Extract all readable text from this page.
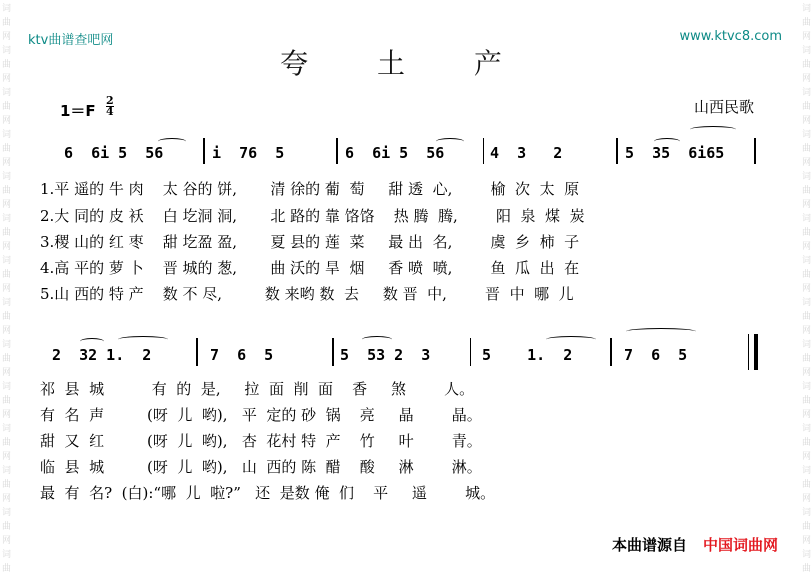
词
曲
网
词
曲
网
词
曲
网
词
曲
网
词
曲
网
词
曲
网
词
曲
网
词
曲
网
词
曲
网
词
曲
网
词
曲
网
词
曲
网
词
曲
网
词
曲
词
曲
网
词
曲
网
词
曲
网
词
曲
网
词
曲
网
词
曲
网
词
曲
网
词
曲
网
词
曲
网
词
曲
网
词
曲
网
词
曲
网
词
曲
网
词
曲
ktv曲谱查吧网	www.ktvc8.com
夸 土 产
1＝F
2
4	山西民歌
6  6i 5  56	i  76  5	6  6i 5  56	4  3   2	5  35  6i65
1.平 遥的 牛 肉    太 谷的 饼,       清 徐的 葡  萄     甜 透  心,        榆  次  太  原
2.大 同的 皮 袄    白 圪洞 洞,       北 路的 靠 饹饹    热 腾  腾,        阳  泉  煤  炭
3.稷 山的 红 枣    甜 圪盈 盈,       夏 县的 莲  菜     最 出  名,        虞  乡  柿  子
4.高 平的 萝 卜    晋 城的 葱,       曲 沃的 旱  烟     香 喷  喷,        鱼  瓜  出  在
5.山 西的 特 产    数 不 尽,         数 来哟 数  去     数 晋  中,        晋  中  哪  儿
2  32 1.  2	7  6  5	5  53 2  3	5    1.  2	7  6  5
祁  县  城          有  的  是,     拉  面  削  面    香     煞        人。
有  名  声         (呀  儿  哟),   平  定的 砂  锅    亮     晶        晶。
甜  又  红         (呀  儿  哟),   杏  花村 特  产    竹     叶        青。
临  县  城         (呀  儿  哟),   山  西的 陈  醋    酸     淋        淋。
最  有  名?  (白):“哪  儿  啦?”   还  是数 俺  们    平     遥        城。
本曲谱源自 中国词曲网
